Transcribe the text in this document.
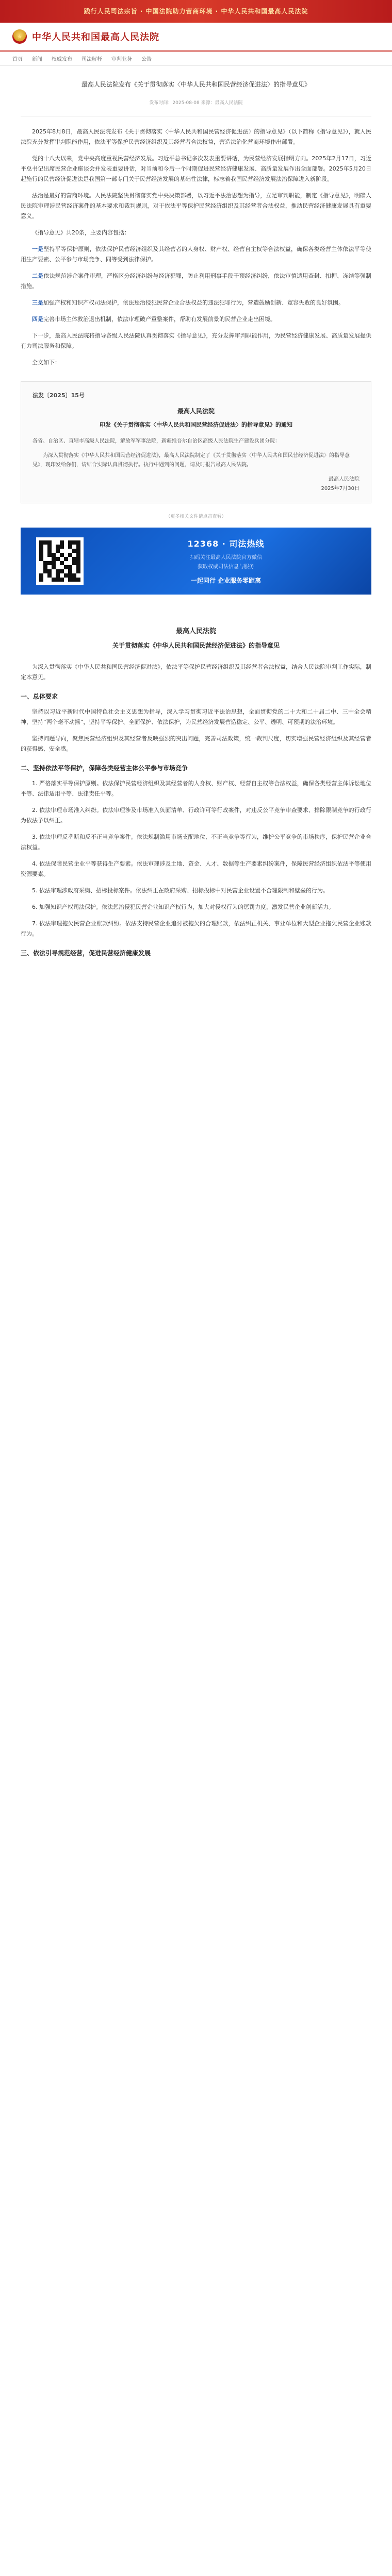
践行人民司法宗旨 · 中国法院助力营商环境 · 中华人民共和国最高人民法院
★	中华人民共和国最高人民法院
首页 新闻 权威发布 司法解释 审判业务 公告
最高人民法院发布《关于贯彻落实〈中华人民共和国民营经济促进法〉的指导意见》
发布时间：2025-08-08 来源：最高人民法院

2025年8月8日，最高人民法院发布《关于贯彻落实〈中华人民共和国民营经济促进法〉的指导意见》（以下简称《指导意见》），就人民法院充分发挥审判职能作用，依法平等保护民营经济组织及其经营者合法权益，营造法治化营商环境作出部署。

党的十八大以来，党中央高度重视民营经济发展。习近平总书记多次发表重要讲话，为民营经济发展指明方向。2025年2月17日，习近平总书记出席民营企业座谈会并发表重要讲话，对当前和今后一个时期促进民营经济健康发展、高质量发展作出全面部署。2025年5月20日起施行的民营经济促进法是我国第一部专门关于民营经济发展的基础性法律，标志着我国民营经济发展法治保障进入新阶段。

法治是最好的营商环境。人民法院坚决贯彻落实党中央决策部署，以习近平法治思想为指导，立足审判职能，制定《指导意见》，明确人民法院审理涉民营经济案件的基本要求和裁判规则，对于依法平等保护民营经济组织及其经营者合法权益，推动民营经济健康发展具有重要意义。

《指导意见》共20条，主要内容包括：

一是坚持平等保护原则，依法保护民营经济组织及其经营者的人身权、财产权、经营自主权等合法权益，确保各类经营主体依法平等使用生产要素、公平参与市场竞争、同等受到法律保护。

二是依法规范涉企案件审理，严格区分经济纠纷与经济犯罪，防止利用刑事手段干预经济纠纷，依法审慎适用查封、扣押、冻结等强制措施。

三是加强产权和知识产权司法保护，依法惩治侵犯民营企业合法权益的违法犯罪行为，营造鼓励创新、宽容失败的良好氛围。

四是完善市场主体救治退出机制，依法审理破产重整案件，帮助有发展前景的民营企业走出困境。

下一步，最高人民法院将指导各级人民法院认真贯彻落实《指导意见》，充分发挥审判职能作用，为民营经济健康发展、高质量发展提供有力司法服务和保障。

全文如下：

法发〔2025〕15号
最高人民法院
印发《关于贯彻落实〈中华人民共和国民营经济促进法〉的指导意见》的通知
各省、自治区、直辖市高级人民法院，解放军军事法院，新疆维吾尔自治区高级人民法院生产建设兵团分院：
为深入贯彻落实《中华人民共和国民营经济促进法》，最高人民法院制定了《关于贯彻落实〈中华人民共和国民营经济促进法〉的指导意见》，现印发给你们，请结合实际认真贯彻执行。执行中遇到的问题，请及时报告最高人民法院。
最高人民法院
2025年7月30日
（更多相关文件请点击查看）
12368 · 司法热线
扫码关注最高人民法院官方微信
获取权威司法信息与服务
一起同行 企业服务零距离
最高人民法院
关于贯彻落实《中华人民共和国民营经济促进法》的指导意见

为深入贯彻落实《中华人民共和国民营经济促进法》，依法平等保护民营经济组织及其经营者合法权益，结合人民法院审判工作实际，制定本意见。

一、总体要求

坚持以习近平新时代中国特色社会主义思想为指导，深入学习贯彻习近平法治思想，全面贯彻党的二十大和二十届二中、三中全会精神，坚持“两个毫不动摇”，坚持平等保护、全面保护、依法保护，为民营经济发展营造稳定、公平、透明、可预期的法治环境。

坚持问题导向，聚焦民营经济组织及其经营者反映强烈的突出问题，完善司法政策，统一裁判尺度，切实增强民营经济组织及其经营者的获得感、安全感。

二、坚持依法平等保护，保障各类经营主体公平参与市场竞争

1. 严格落实平等保护原则。依法保护民营经济组织及其经营者的人身权、财产权、经营自主权等合法权益，确保各类经营主体诉讼地位平等、法律适用平等、法律责任平等。

2. 依法审理市场准入纠纷。依法审理涉及市场准入负面清单、行政许可等行政案件，对违反公平竞争审查要求、排除限制竞争的行政行为依法予以纠正。

3. 依法审理反垄断和反不正当竞争案件。依法规制滥用市场支配地位、不正当竞争等行为，维护公平竞争的市场秩序，保护民营企业合法权益。

4. 依法保障民营企业平等获得生产要素。依法审理涉及土地、资金、人才、数据等生产要素纠纷案件，保障民营经济组织依法平等使用资源要素。

5. 依法审理涉政府采购、招标投标案件。依法纠正在政府采购、招标投标中对民营企业设置不合理限制和壁垒的行为。

6. 加强知识产权司法保护。依法惩治侵犯民营企业知识产权行为，加大对侵权行为的惩罚力度，激发民营企业创新活力。

7. 依法审理拖欠民营企业账款纠纷。依法支持民营企业追讨被拖欠的合理账款，依法纠正机关、事业单位和大型企业拖欠民营企业账款行为。

三、依法引导规范经营，促进民营经济健康发展
